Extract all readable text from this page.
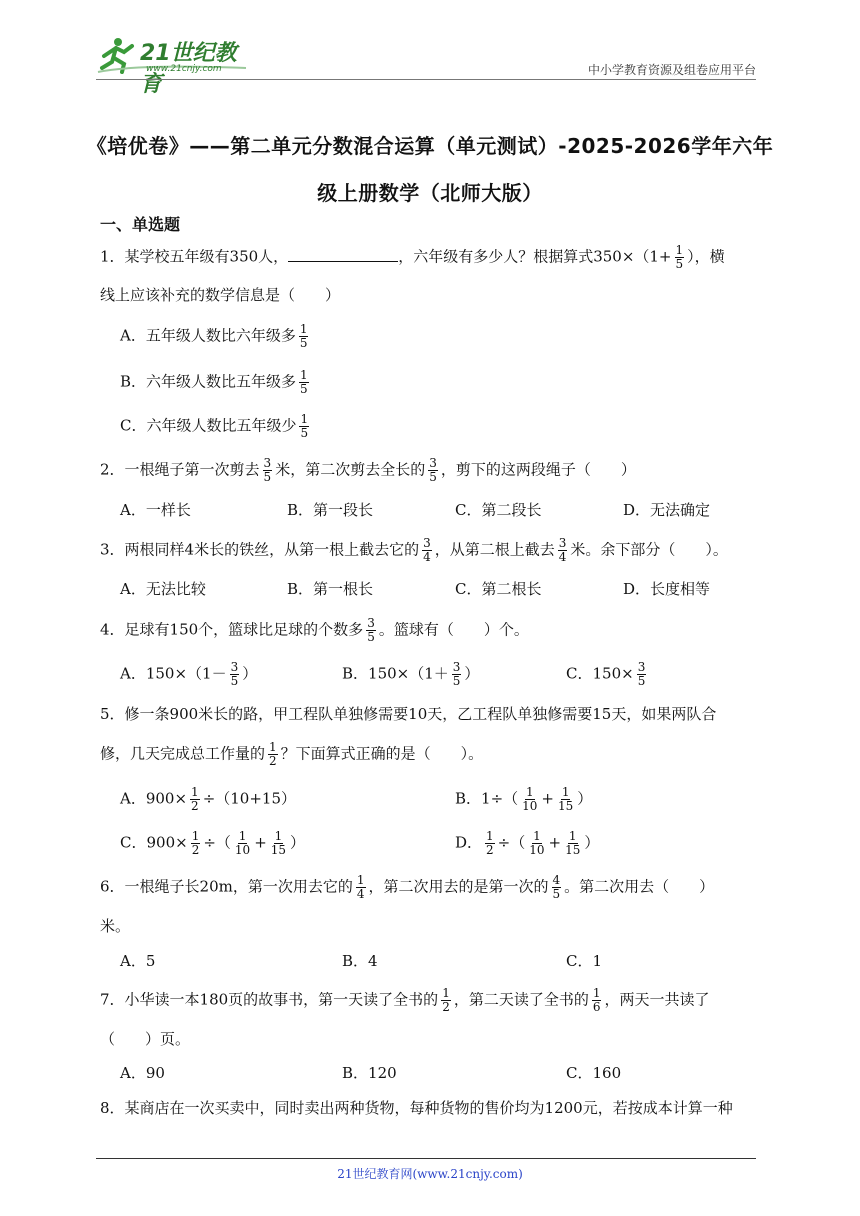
21世纪教育
www.21cnjy.com	中小学教育资源及组卷应用平台
《培优卷》——第二单元分数混合运算（单元测试）-2025-2026学年六年
级上册数学（北师大版）
一、单选题
1．某学校五年级有350人，	，六年级有多少人？根据算式$350\times(1+ \frac{1}{5}$ ），横
线上应该补充的数学信息是（　　）
A．五年级人数比六年级多 $\frac{1}{5}$
B．六年级人数比五年级多 $\frac{1}{5}$
C．六年级人数比五年级少 $\frac{1}{5}$
2．一根绳子第一次剪去 $\frac{3}{5}$ 米，第二次剪去全长的 $\frac{3}{5}$ ，剪下的这两段绳子（　　）
A．一样长	B．第一段长	C．第二段长	D．无法确定
3．两根同样4米长的铁丝，从第一根上截去它的 $\frac{3}{4}$ ，从第二根上截去 $\frac{3}{4}$ 米。余下部分（　　）。
A．无法比较	B．第一根长	C．第二根长	D．长度相等
4．足球有150个，篮球比足球的个数多 $\frac{3}{5}$ 。篮球有（　　）个。
A．$150\times(1- \frac{3}{5}$ ）	B．$150\times(1+ \frac{3}{5}$ ）	C．$150\times \frac{3}{5}$
5．修一条900米长的路，甲工程队单独修需要10天，乙工程队单独修需要15天，如果两队合
修，几天完成总工作量的 $\frac{1}{2}$ ？下面算式正确的是（　　）。
A．$900\times \frac{1}{2} \div(10+15)$	B．$1\div( \frac{1}{10} + \frac{1}{15}$ ）
C．$900\times \frac{1}{2}$ ÷（ $\frac{1}{10} + \frac{1}{15}$ ）	D． $\frac{1}{2}$ ÷（ $\frac{1}{10} + \frac{1}{15}$ ）
6．一根绳子长20m，第一次用去它的 $\frac{1}{4}$ ，第二次用去的是第一次的 $\frac{4}{5}$ 。第二次用去（　　）
米。
A．5	B．4	C．1
7．小华读一本180页的故事书，第一天读了全书的 $\frac{1}{2}$ ，第二天读了全书的 $\frac{1}{6}$ ，两天一共读了
（　　）页。
A．90	B．120	C．160
8．某商店在一次买卖中，同时卖出两种货物，每种货物的售价均为1200元，若按成本计算一种
21世纪教育网(www.21cnjy.com)
